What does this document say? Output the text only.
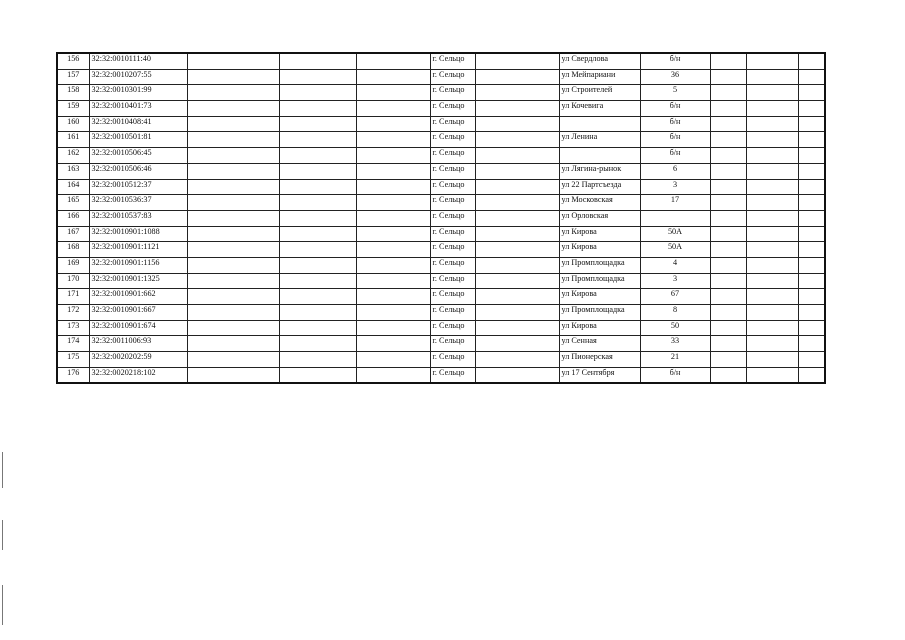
156	32:32:0010111:40				г. Сельцо		ул Свердлова	б/н			
157	32:32:0010207:55				г. Сельцо		ул Мейпариани	36			
158	32:32:0010301:99				г. Сельцо		ул Строителей	5			
159	32:32:0010401:73				г. Сельцо		ул Кочевига	б/н			
160	32:32:0010408:41				г. Сельцо			б/н			
161	32:32:0010501:81				г. Сельцо		ул Ленина	б/н			
162	32:32:0010506:45				г. Сельцо			б/н			
163	32:32:0010506:46				г. Сельцо		ул Лягина-рынок	6			
164	32:32:0010512:37				г. Сельцо		ул 22 Партсъезда	3			
165	32:32:0010536:37				г. Сельцо		ул Московская	17			
166	32:32:0010537:83				г. Сельцо		ул Орловская				
167	32:32:0010901:1088				г. Сельцо		ул Кирова	50А			
168	32:32:0010901:1121				г. Сельцо		ул Кирова	50А			
169	32:32:0010901:1156				г. Сельцо		ул Промплощадка	4			
170	32:32:0010901:1325				г. Сельцо		ул Промплощадка	3			
171	32:32:0010901:662				г. Сельцо		ул Кирова	67			
172	32:32:0010901:667				г. Сельцо		ул Промплощадка	8			
173	32:32:0010901:674				г. Сельцо		ул Кирова	50			
174	32:32:0011006:93				г. Сельцо		ул Сенная	33			
175	32:32:0020202:59				г. Сельцо		ул Пионерская	21			
176	32:32:0020218:102				г. Сельцо		ул 17 Сентября	б/н			
